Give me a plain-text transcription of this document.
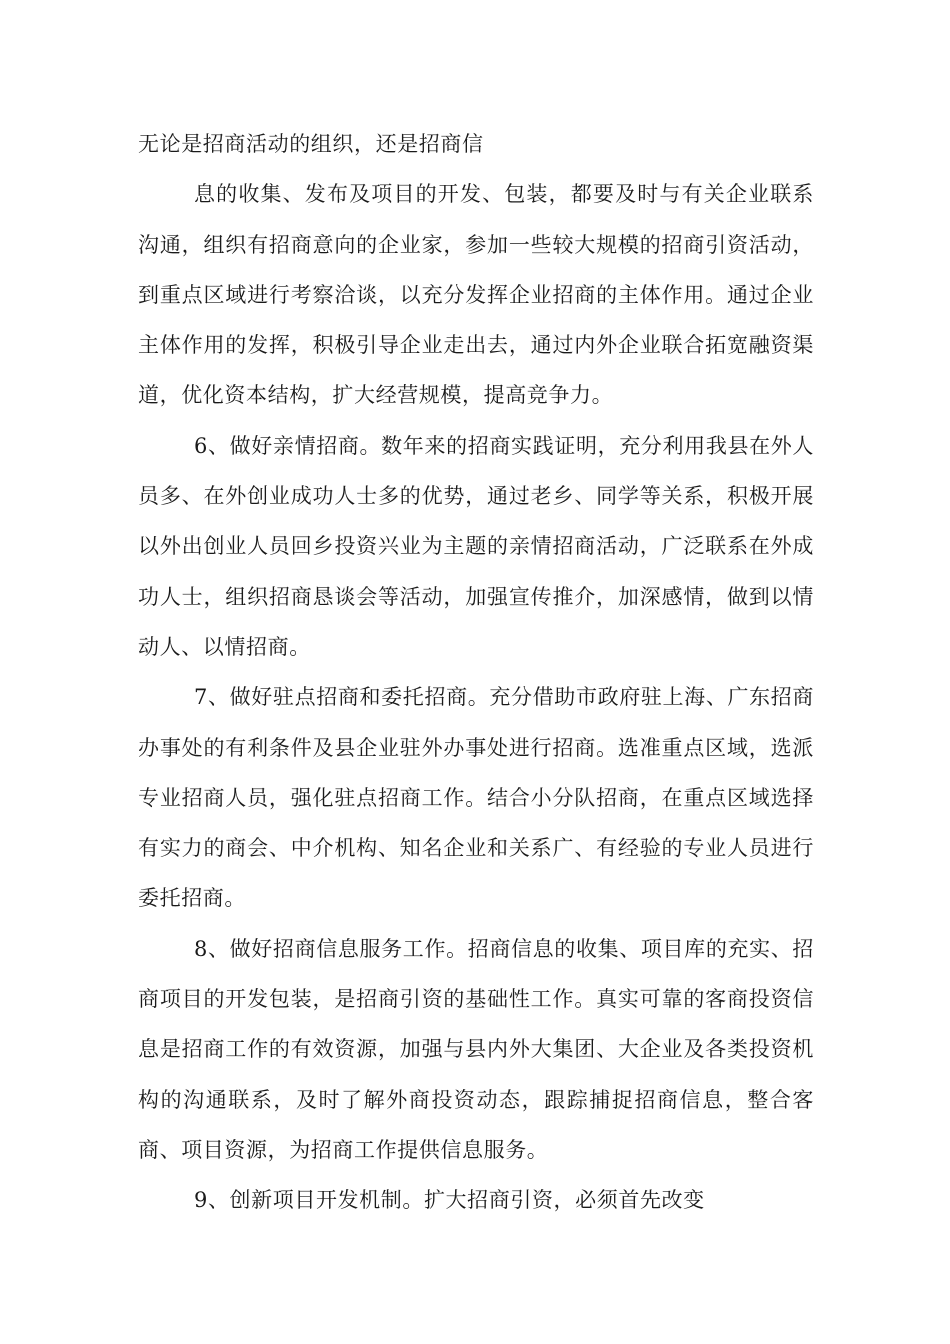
无论是招商活动的组织，还是招商信

息的收集、发布及项目的开发、包装，都要及时与有关企业联系沟通，组织有招商意向的企业家，参加一些较大规模的招商引资活动，到重点区域进行考察洽谈，以充分发挥企业招商的主体作用。通过企业主体作用的发挥，积极引导企业走出去，通过内外企业联合拓宽融资渠道，优化资本结构，扩大经营规模，提高竞争力。

6、做好亲情招商。数年来的招商实践证明，充分利用我县在外人员多、在外创业成功人士多的优势，通过老乡、同学等关系，积极开展以外出创业人员回乡投资兴业为主题的亲情招商活动，广泛联系在外成功人士，组织招商恳谈会等活动，加强宣传推介，加深感情，做到以情动人、以情招商。

7、做好驻点招商和委托招商。充分借助市政府驻上海、广东招商办事处的有利条件及县企业驻外办事处进行招商。选准重点区域，选派专业招商人员，强化驻点招商工作。结合小分队招商，在重点区域选择有实力的商会、中介机构、知名企业和关系广、有经验的专业人员进行委托招商。

8、做好招商信息服务工作。招商信息的收集、项目库的充实、招商项目的开发包装，是招商引资的基础性工作。真实可靠的客商投资信息是招商工作的有效资源，加强与县内外大集团、大企业及各类投资机构的沟通联系，及时了解外商投资动态，跟踪捕捉招商信息，整合客商、项目资源，为招商工作提供信息服务。

9、创新项目开发机制。扩大招商引资，必须首先改变
